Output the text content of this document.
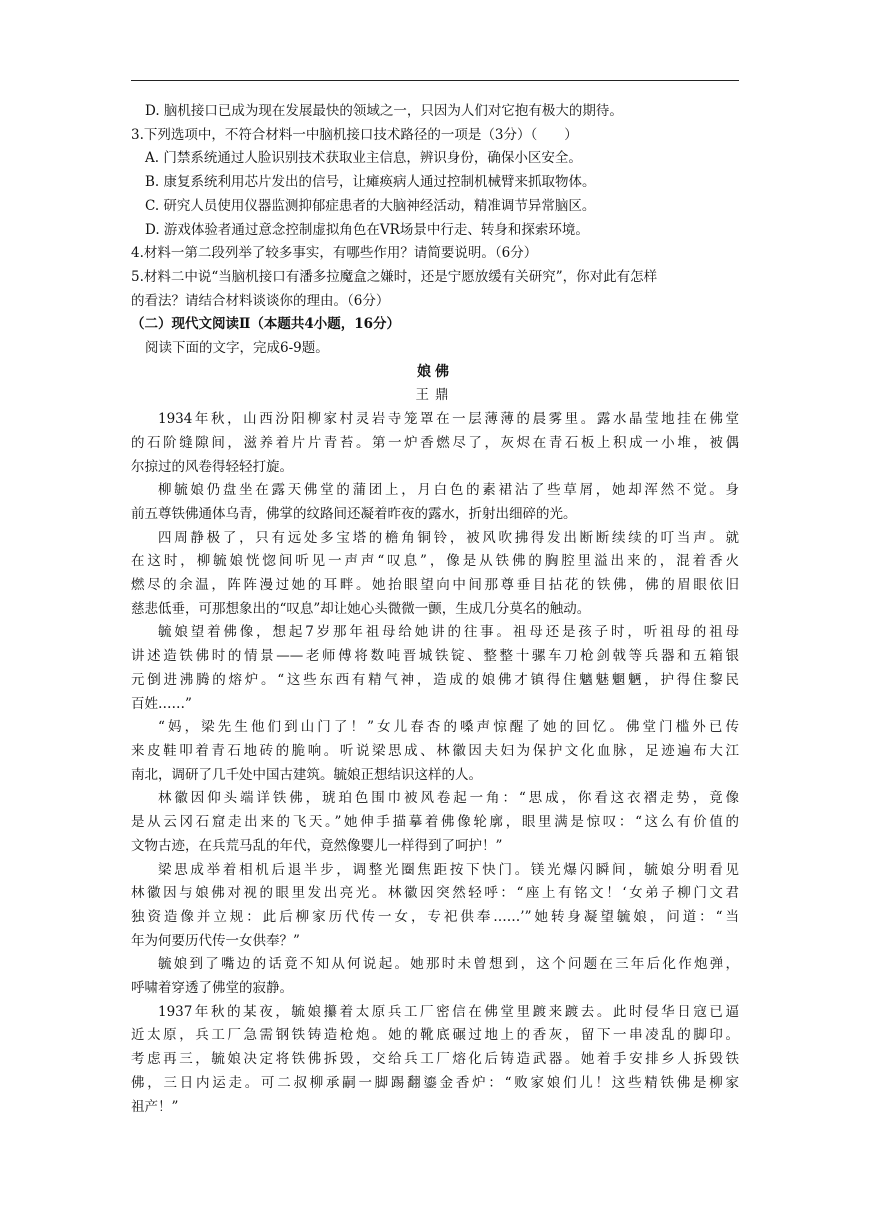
D. 脑机接口已成为现在发展最快的领域之一，只因为人们对它抱有极大的期待。

3.下列选项中，不符合材料一中脑机接口技术路径的一项是（3分）（　　）

A. 门禁系统通过人脸识别技术获取业主信息，辨识身份，确保小区安全。

B. 康复系统利用芯片发出的信号，让瘫痪病人通过控制机械臂来抓取物体。

C. 研究人员使用仪器监测抑郁症患者的大脑神经活动，精准调节异常脑区。

D. 游戏体验者通过意念控制虚拟角色在VR场景中行走、转身和探索环境。

4.材料一第二段列举了较多事实，有哪些作用？请简要说明。（6分）

5.材料二中说“当脑机接口有潘多拉魔盒之嫌时，还是宁愿放缓有关研究”，你对此有怎样

的看法？请结合材料谈谈你的理由。（6分）

（二）现代文阅读Ⅱ（本题共4小题，16分）

阅读下面的文字，完成6-9题。

娘佛

王鼎

1934年秋，山西汾阳柳家村灵岩寺笼罩在一层薄薄的晨雾里。露水晶莹地挂在佛堂
的石阶缝隙间，滋养着片片青苔。第一炉香燃尽了，灰烬在青石板上积成一小堆，被偶
尔掠过的风卷得轻轻打旋。

柳毓娘仍盘坐在露天佛堂的蒲团上，月白色的素裙沾了些草屑，她却浑然不觉。身
前五尊铁佛通体乌青，佛掌的纹路间还凝着昨夜的露水，折射出细碎的光。

四周静极了，只有远处多宝塔的檐角铜铃，被风吹拂得发出断断续续的叮当声。就
在这时，柳毓娘恍惚间听见一声声“叹息”，像是从铁佛的胸腔里溢出来的，混着香火
燃尽的余温，阵阵漫过她的耳畔。她抬眼望向中间那尊垂目拈花的铁佛，佛的眉眼依旧
慈悲低垂，可那想象出的“叹息”却让她心头微微一颤，生成几分莫名的触动。

毓娘望着佛像，想起7岁那年祖母给她讲的往事。祖母还是孩子时，听祖母的祖母
讲述造铁佛时的情景——老师傅将数吨晋城铁锭、整整十骡车刀枪剑戟等兵器和五箱银
元倒进沸腾的熔炉。“这些东西有精气神，造成的娘佛才镇得住魑魅魍魉，护得住黎民
百姓……”

“妈，梁先生他们到山门了！”女儿春杏的嗓声惊醒了她的回忆。佛堂门槛外已传
来皮鞋叩着青石地砖的脆响。听说梁思成、林徽因夫妇为保护文化血脉，足迹遍布大江
南北，调研了几千处中国古建筑。毓娘正想结识这样的人。

林徽因仰头端详铁佛，琥珀色围巾被风卷起一角：“思成，你看这衣褶走势，竟像
是从云冈石窟走出来的飞天。”她伸手描摹着佛像轮廓，眼里满是惊叹：“这么有价值的
文物古迹，在兵荒马乱的年代，竟然像婴儿一样得到了呵护！”

梁思成举着相机后退半步，调整光圈焦距按下快门。镁光爆闪瞬间，毓娘分明看见
林徽因与娘佛对视的眼里发出亮光。林徽因突然轻呼：“座上有铭文！‘女弟子柳门文君
独资造像并立规：此后柳家历代传一女，专祀供奉……’”她转身凝望毓娘，问道：“当
年为何要历代传一女供奉？”

毓娘到了嘴边的话竟不知从何说起。她那时未曾想到，这个问题在三年后化作炮弹，
呼啸着穿透了佛堂的寂静。

1937年秋的某夜，毓娘攥着太原兵工厂密信在佛堂里踱来踱去。此时侵华日寇已逼
近太原，兵工厂急需钢铁铸造枪炮。她的靴底碾过地上的香灰，留下一串凌乱的脚印。
考虑再三，毓娘决定将铁佛拆毁，交给兵工厂熔化后铸造武器。她着手安排乡人拆毁铁
佛，三日内运走。可二叔柳承嗣一脚踢翻鎏金香炉：“败家娘们儿！这些精铁佛是柳家
祖产！”
